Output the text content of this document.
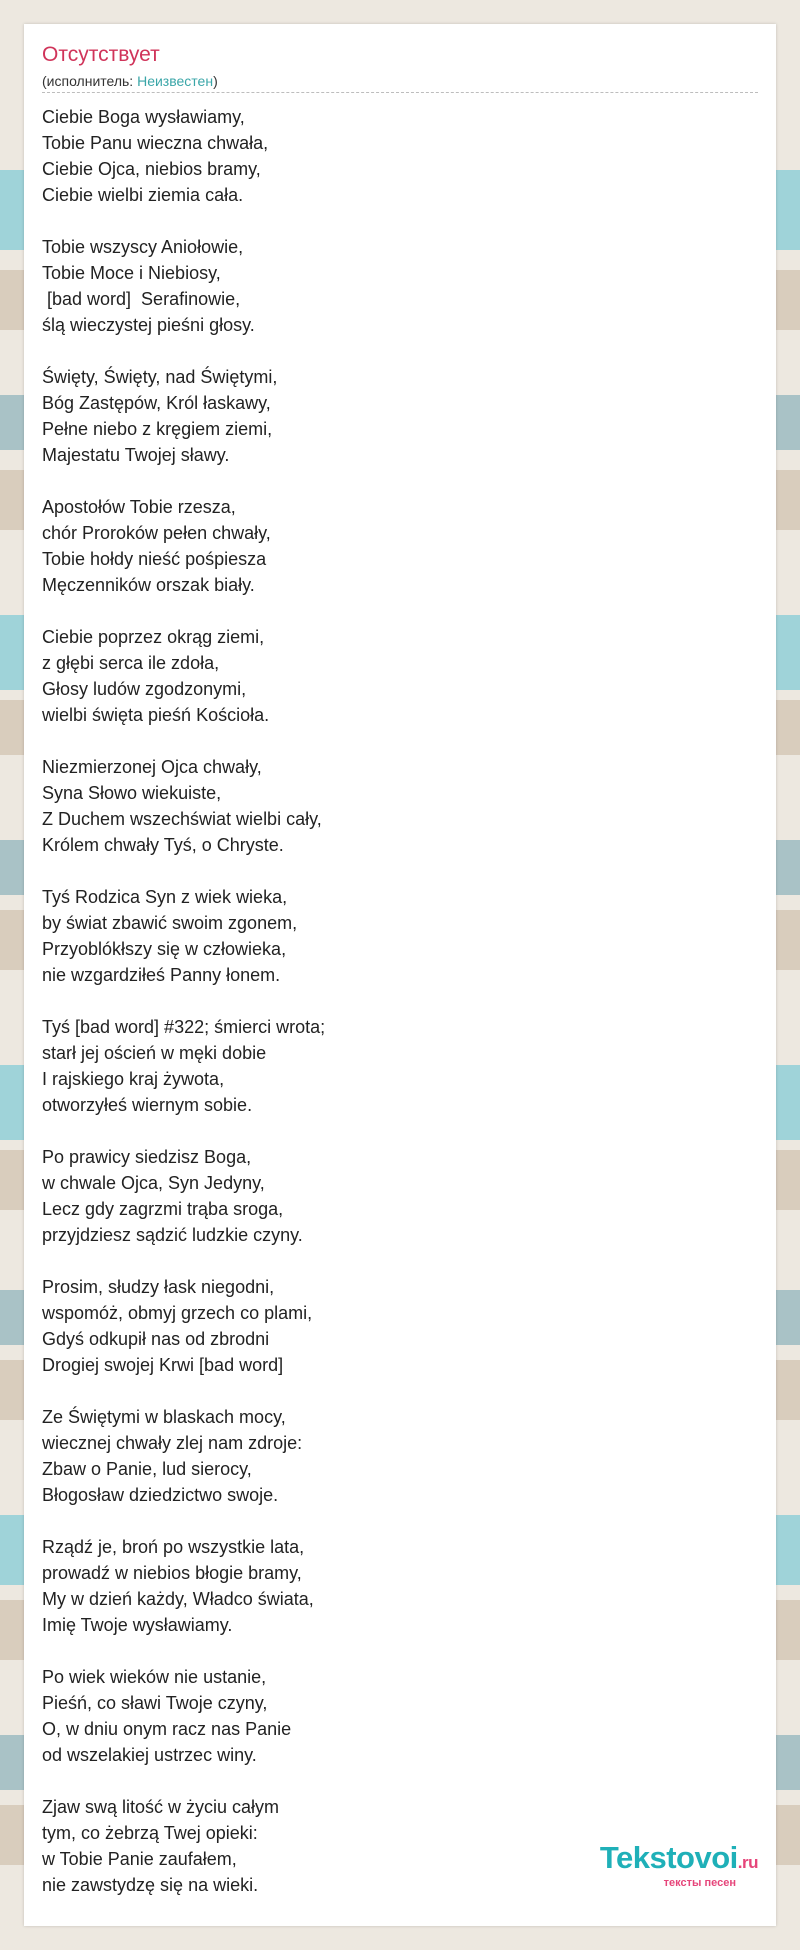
Отсутствует
(исполнитель: Неизвестен)
Ciebie Boga wysławiamy,
Tobie Panu wieczna chwała,
Ciebie Ojca, niebios bramy,
Ciebie wielbi ziemia cała.
Tobie wszyscy Aniołowie,
Tobie Moce i Niebiosy,
[bad word]  Serafinowie,
ślą wieczystej pieśni głosy.
Święty, Święty, nad Świętymi,
Bóg Zastępów, Król łaskawy,
Pełne niebo z kręgiem ziemi,
Majestatu Twojej sławy.
Apostołów Tobie rzesza,
chór Proroków pełen chwały,
Tobie hołdy nieść pośpiesza
Męczenników orszak biały.
Ciebie poprzez okrąg ziemi,
z głębi serca ile zdoła,
Głosy ludów zgodzonymi,
wielbi święta pieśń Kościoła.
Niezmierzonej Ojca chwały,
Syna Słowo wiekuiste,
Z Duchem wszechświat wielbi cały,
Królem chwały Tyś, o Chryste.
Tyś Rodzica Syn z wiek wieka,
by świat zbawić swoim zgonem,
Przyoblókłszy się w człowieka,
nie wzgardziłeś Panny łonem.
Tyś [bad word] #322; śmierci wrota;
starł jej oścień w męki dobie
I rajskiego kraj żywota,
otworzyłeś wiernym sobie.
Po prawicy siedzisz Boga,
w chwale Ojca, Syn Jedyny,
Lecz gdy zagrzmi trąba sroga,
przyjdziesz sądzić ludzkie czyny.
Prosim, słudzy łask niegodni,
wspomóż, obmyj grzech co plami,
Gdyś odkupił nas od zbrodni
Drogiej swojej Krwi [bad word]
Ze Świętymi w blaskach mocy,
wiecznej chwały zlej nam zdroje:
Zbaw o Panie, lud sierocy,
Błogosław dziedzictwo swoje.
Rządź je, broń po wszystkie lata,
prowadź w niebios błogie bramy,
My w dzień każdy, Władco świata,
Imię Twoje wysławiamy.
Po wiek wieków nie ustanie,
Pieśń, co sławi Twoje czyny,
O, w dniu onym racz nas Panie
od wszelakiej ustrzec winy.
Zjaw swą litość w życiu całym
tym, co żebrzą Twej opieki:
w Tobie Panie zaufałem,
nie zawstydzę się na wieki.
Tekstovoi.ru
тексты песен
